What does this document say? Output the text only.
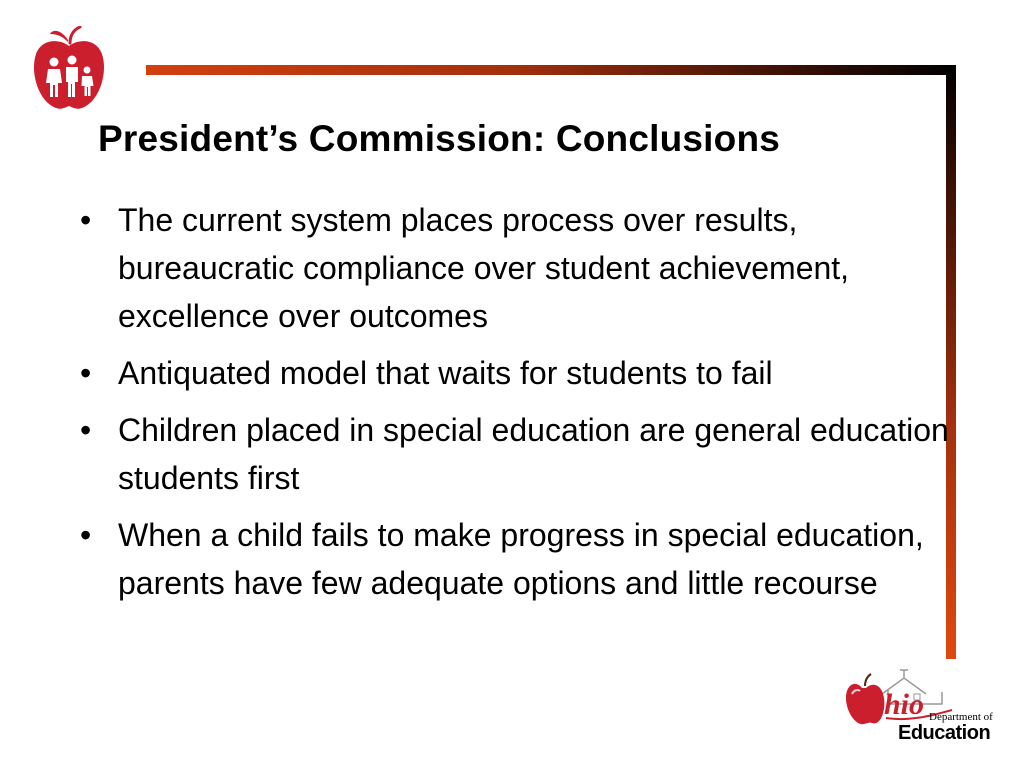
President’s Commission: Conclusions
• The current system places process over results, bureaucratic compliance over student achievement, excellence over outcomes
• Antiquated model that waits for students to fail
• Children placed in special education are general education students first
• When a child fails to make progress in special education, parents have few adequate options and little recourse
hio Department of
Education
